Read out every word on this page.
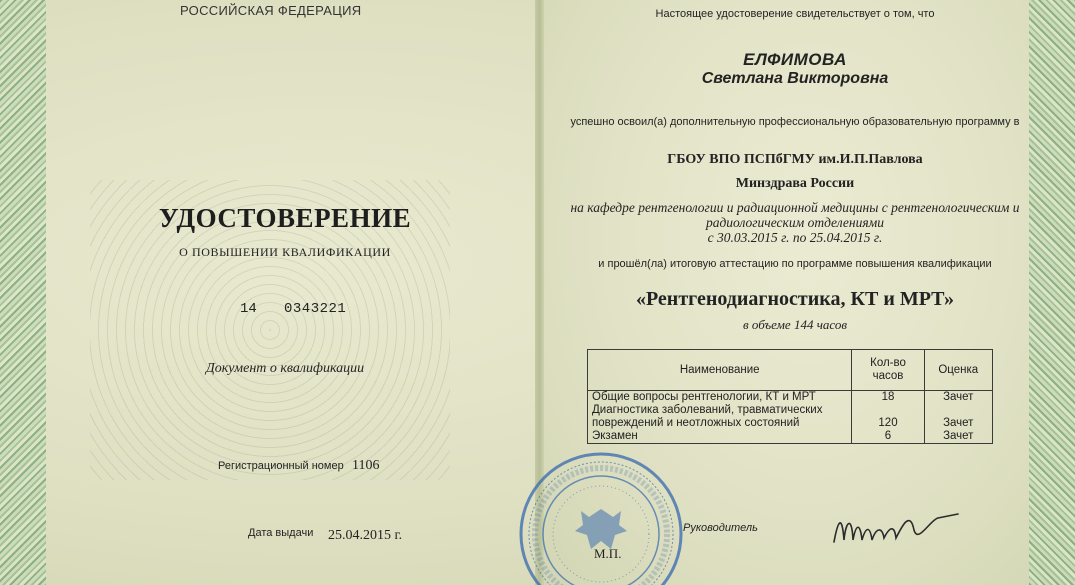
РОССИЙСКАЯ ФЕДЕРАЦИЯ
УДОСТОВЕРЕНИЕ
О ПОВЫШЕНИИ КВАЛИФИКАЦИИ
14 0343221
Документ о квалификации
Регистрационный номер 1106
Дата выдачи 25.04.2015 г.
Настоящее удостоверение свидетельствует о том, что
ЕЛФИМОВА
Светлана Викторовна
успешно освоил(а) дополнительную профессиональную образовательную программу в
ГБОУ ВПО ПСПбГМУ им.И.П.Павлова
Минздрава России
на кафедре рентгенологии и радиационной медицины с рентгенологическим и радиологическим отделениями
с 30.03.2015 г. по 25.04.2015 г.
и прошёл(ла) итоговую аттестацию по программе повышения квалификации
«Рентгенодиагностика, КТ и МРТ»
в объеме 144 часов
Наименование	Кол-во часов	Оценка
Общие вопросы рентгенологии, КТ и МРТ	18	Зачет
Диагностика заболеваний, травматических повреждений и неотложных состояний	120	Зачет
Экзамен	6	Зачет
М.П.
Руководитель
